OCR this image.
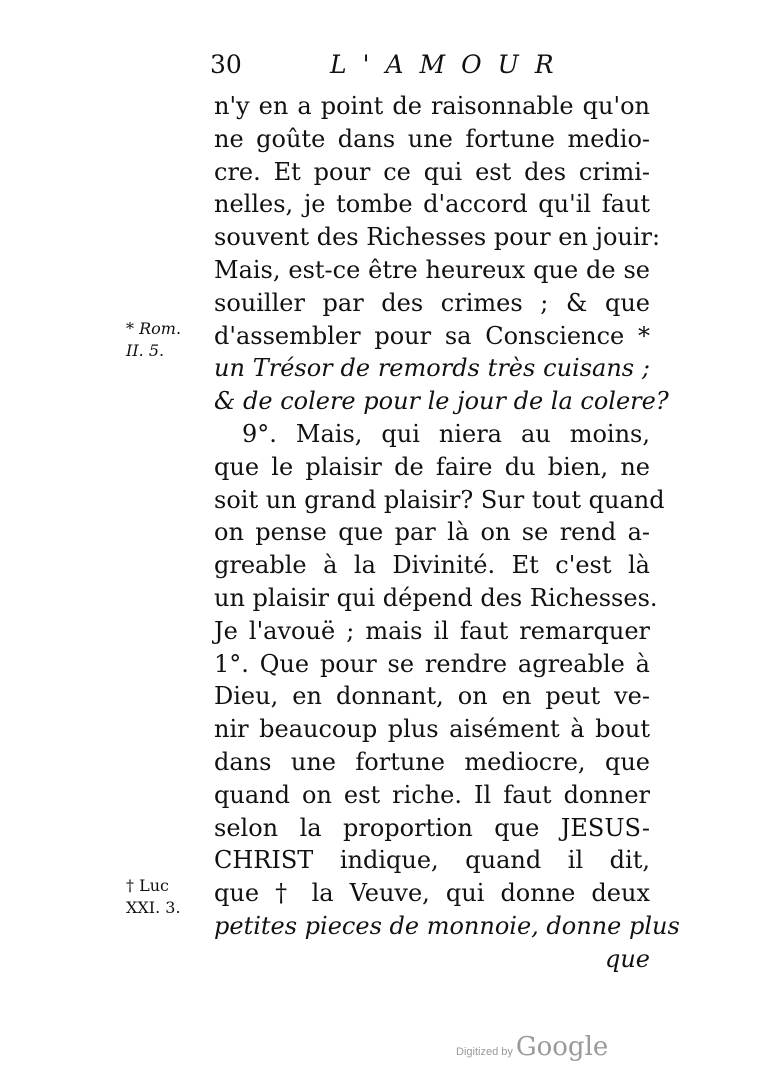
30	L'AMOUR
* Rom.
II. 5.
† Luc
XXI. 3.
n'y en a point de raisonnable qu'on
ne goûte dans une fortune medio-
cre. Et pour ce qui est des crimi-
nelles, je tombe d'accord qu'il faut
souvent des Richesses pour en jouir:
Mais, est-ce être heureux que de se
souiller par des crimes ; & que
d'assembler pour sa Conscience *
un Trésor de remords très cuisans ;
& de colere pour le jour de la colere?
9°. Mais, qui niera au moins,
que le plaisir de faire du bien, ne
soit un grand plaisir? Sur tout quand
on pense que par là on se rend a-
greable à la Divinité. Et c'est là
un plaisir qui dépend des Richesses.
Je l'avouë ; mais il faut remarquer
1°. Que pour se rendre agreable à
Dieu, en donnant, on en peut ve-
nir beaucoup plus aisément à bout
dans une fortune mediocre, que
quand on est riche. Il faut donner
selon la proportion que JESUS-
CHRIST indique, quand il dit,
que † la Veuve, qui donne deux
petites pieces de monnoie, donne plus
que
Digitized by Google
